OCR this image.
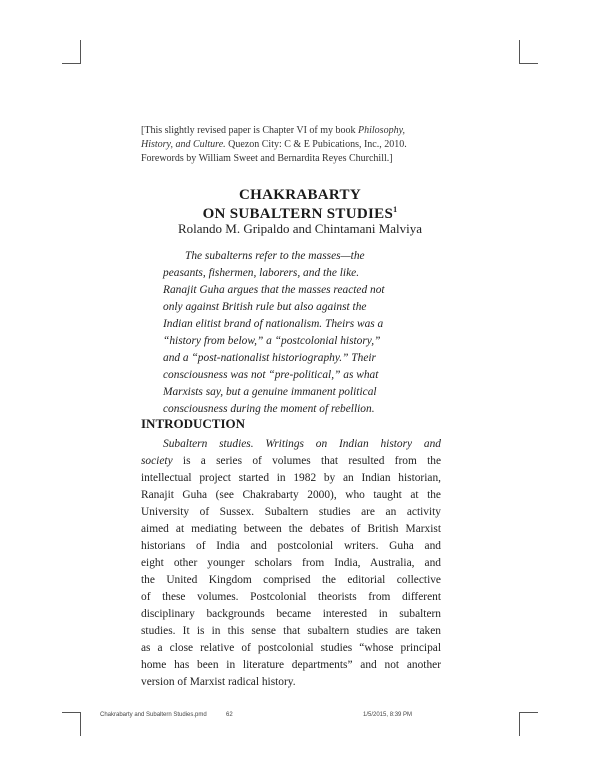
[This slightly revised paper is Chapter VI of my book Philosophy,
History, and Culture. Quezon City: C & E Pubications, Inc., 2010.
Forewords by William Sweet and Bernardita Reyes Churchill.]
CHAKRABARTY
ON SUBALTERN STUDIES$^1$
Rolando M. Gripaldo and Chintamani Malviya
The subalterns refer to the masses—the
peasants, fishermen, laborers, and the like.
Ranajit Guha argues that the masses reacted not
only against British rule but also against the
Indian elitist brand of nationalism. Theirs was a
“history from below,” a “postcolonial history,”
and a “post-nationalist historiography.” Their
consciousness was not “pre-political,” as what
Marxists say, but a genuine immanent political
consciousness during the moment of rebellion.
INTRODUCTION
Subaltern studies. Writings on Indian history and
society is a series of volumes that resulted from the
intellectual project started in 1982 by an Indian historian,
Ranajit Guha (see Chakrabarty 2000), who taught at the
University of Sussex. Subaltern studies are an activity
aimed at mediating between the debates of British Marxist
historians of India and postcolonial writers. Guha and
eight other younger scholars from India, Australia, and
the United Kingdom comprised the editorial collective
of these volumes. Postcolonial theorists from different
disciplinary backgrounds became interested in subaltern
studies. It is in this sense that subaltern studies are taken
as a close relative of postcolonial studies “whose principal
home has been in literature departments” and not another
version of Marxist radical history.
Chakrabarty and Subaltern Studies.pmd	62	1/5/2015, 8:39 PM
